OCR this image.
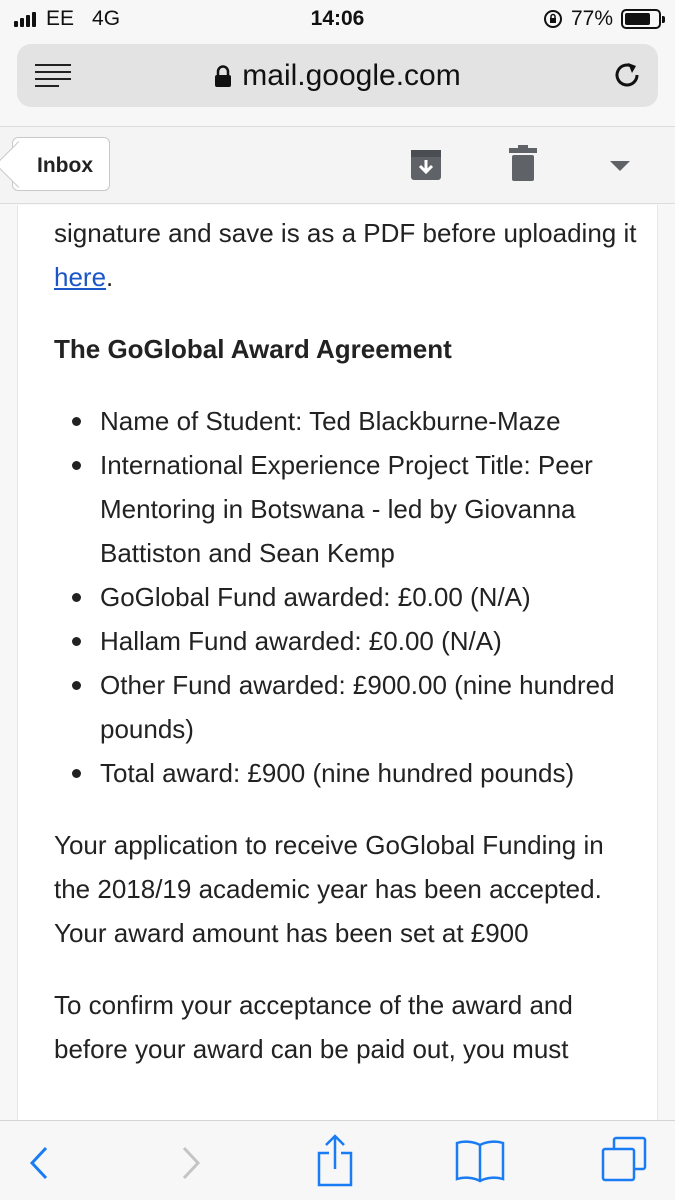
EE 4G	14:06	77%
mail.google.com
Inbox

signature and save is as a PDF before uploading it here.

The GoGlobal Award Agreement

Name of Student: Ted Blackburne-Maze
International Experience Project Title: Peer Mentoring in Botswana - led by Giovanna Battiston and Sean Kemp
GoGlobal Fund awarded: £0.00 (N/A)
Hallam Fund awarded: £0.00 (N/A)
Other Fund awarded: £900.00 (nine hundred pounds)
Total award: £900 (nine hundred pounds)

Your application to receive GoGlobal Funding in the 2018/19 academic year has been accepted. Your award amount has been set at £900

To confirm your acceptance of the award and before your award can be paid out, you must
